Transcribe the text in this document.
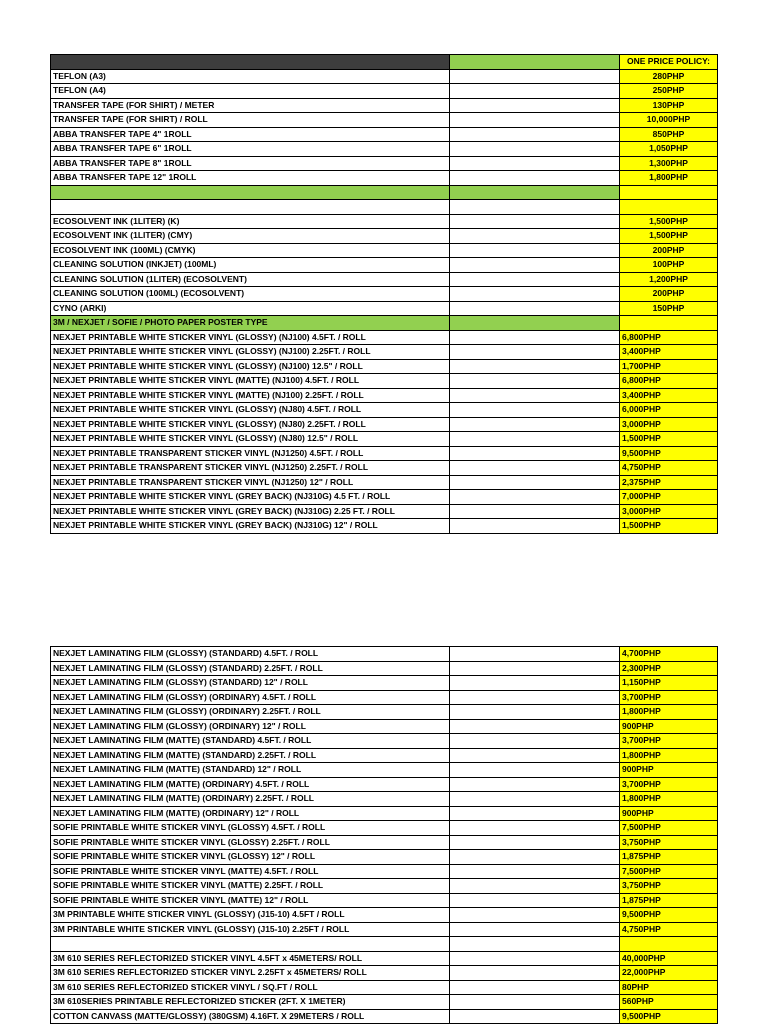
		ONE PRICE POLICY:
TEFLON (A3)		280PHP
TEFLON (A4)		250PHP
TRANSFER TAPE (FOR SHIRT) / METER		130PHP
TRANSFER TAPE (FOR SHIRT) / ROLL		10,000PHP
ABBA TRANSFER TAPE 4" 1ROLL		850PHP
ABBA TRANSFER TAPE 6" 1ROLL		1,050PHP
ABBA TRANSFER TAPE 8" 1ROLL		1,300PHP
ABBA TRANSFER TAPE 12" 1ROLL		1,800PHP

ECOSOLVENT INK (1LITER) (K)		1,500PHP
ECOSOLVENT INK (1LITER) (CMY)		1,500PHP
ECOSOLVENT INK (100ML) (CMYK)		200PHP
CLEANING SOLUTION (INKJET) (100ML)		100PHP
CLEANING SOLUTION (1LITER) (ECOSOLVENT)		1,200PHP
CLEANING SOLUTION (100ML) (ECOSOLVENT)		200PHP
CYNO (ARKI)		150PHP
3M / NEXJET / SOFIE / PHOTO PAPER POSTER TYPE		
NEXJET PRINTABLE WHITE STICKER VINYL (GLOSSY) (NJ100) 4.5FT. / ROLL		6,800PHP
NEXJET PRINTABLE WHITE STICKER VINYL (GLOSSY) (NJ100) 2.25FT. / ROLL		3,400PHP
NEXJET PRINTABLE WHITE STICKER VINYL (GLOSSY) (NJ100) 12.5" / ROLL		1,700PHP
NEXJET PRINTABLE WHITE STICKER VINYL (MATTE) (NJ100) 4.5FT. / ROLL		6,800PHP
NEXJET PRINTABLE WHITE STICKER VINYL (MATTE) (NJ100) 2.25FT. / ROLL		3,400PHP
NEXJET PRINTABLE WHITE STICKER VINYL (GLOSSY) (NJ80) 4.5FT. / ROLL		6,000PHP
NEXJET PRINTABLE WHITE STICKER VINYL (GLOSSY) (NJ80) 2.25FT. / ROLL		3,000PHP
NEXJET PRINTABLE WHITE STICKER VINYL (GLOSSY) (NJ80) 12.5" / ROLL		1,500PHP
NEXJET PRINTABLE TRANSPARENT STICKER VINYL (NJ1250) 4.5FT. / ROLL		9,500PHP
NEXJET PRINTABLE TRANSPARENT STICKER VINYL (NJ1250) 2.25FT. / ROLL		4,750PHP
NEXJET PRINTABLE TRANSPARENT STICKER VINYL (NJ1250) 12" / ROLL		2,375PHP
NEXJET PRINTABLE WHITE STICKER VINYL (GREY BACK) (NJ310G) 4.5 FT. / ROLL		7,000PHP
NEXJET PRINTABLE WHITE STICKER VINYL (GREY BACK) (NJ310G) 2.25 FT. / ROLL		3,000PHP
NEXJET PRINTABLE WHITE STICKER VINYL (GREY BACK) (NJ310G) 12" / ROLL		1,500PHP
NEXJET LAMINATING FILM (GLOSSY) (STANDARD) 4.5FT. / ROLL		4,700PHP
NEXJET LAMINATING FILM (GLOSSY) (STANDARD) 2.25FT. / ROLL		2,300PHP
NEXJET LAMINATING FILM (GLOSSY) (STANDARD) 12" / ROLL		1,150PHP
NEXJET LAMINATING FILM (GLOSSY) (ORDINARY) 4.5FT. / ROLL		3,700PHP
NEXJET LAMINATING FILM (GLOSSY) (ORDINARY) 2.25FT. / ROLL		1,800PHP
NEXJET LAMINATING FILM (GLOSSY) (ORDINARY) 12" / ROLL		900PHP
NEXJET LAMINATING FILM (MATTE) (STANDARD) 4.5FT. / ROLL		3,700PHP
NEXJET LAMINATING FILM (MATTE) (STANDARD) 2.25FT. / ROLL		1,800PHP
NEXJET LAMINATING FILM (MATTE) (STANDARD) 12" / ROLL		900PHP
NEXJET LAMINATING FILM (MATTE) (ORDINARY) 4.5FT. / ROLL		3,700PHP
NEXJET LAMINATING FILM (MATTE) (ORDINARY) 2.25FT. / ROLL		1,800PHP
NEXJET LAMINATING FILM (MATTE) (ORDINARY) 12" / ROLL		900PHP
SOFIE PRINTABLE WHITE STICKER VINYL (GLOSSY) 4.5FT. / ROLL		7,500PHP
SOFIE PRINTABLE WHITE STICKER VINYL (GLOSSY) 2.25FT. / ROLL		3,750PHP
SOFIE PRINTABLE WHITE STICKER VINYL (GLOSSY) 12" / ROLL		1,875PHP
SOFIE PRINTABLE WHITE STICKER VINYL (MATTE) 4.5FT. / ROLL		7,500PHP
SOFIE PRINTABLE WHITE STICKER VINYL (MATTE) 2.25FT. / ROLL		3,750PHP
SOFIE PRINTABLE WHITE STICKER VINYL (MATTE) 12" / ROLL		1,875PHP
3M PRINTABLE WHITE STICKER VINYL (GLOSSY) (J15-10) 4.5FT / ROLL		9,500PHP
3M PRINTABLE WHITE STICKER VINYL (GLOSSY) (J15-10) 2.25FT / ROLL		4,750PHP

3M 610 SERIES REFLECTORIZED STICKER VINYL 4.5FT x 45METERS/ ROLL		40,000PHP
3M 610 SERIES REFLECTORIZED STICKER VINYL 2.25FT x 45METERS/ ROLL		22,000PHP
3M 610 SERIES REFLECTORIZED STICKER VINYL / SQ.FT / ROLL		80PHP
3M 610SERIES PRINTABLE REFLECTORIZED STICKER (2FT. X 1METER)		560PHP
COTTON CANVASS (MATTE/GLOSSY) (380GSM) 4.16FT. X 29METERS / ROLL		9,500PHP
